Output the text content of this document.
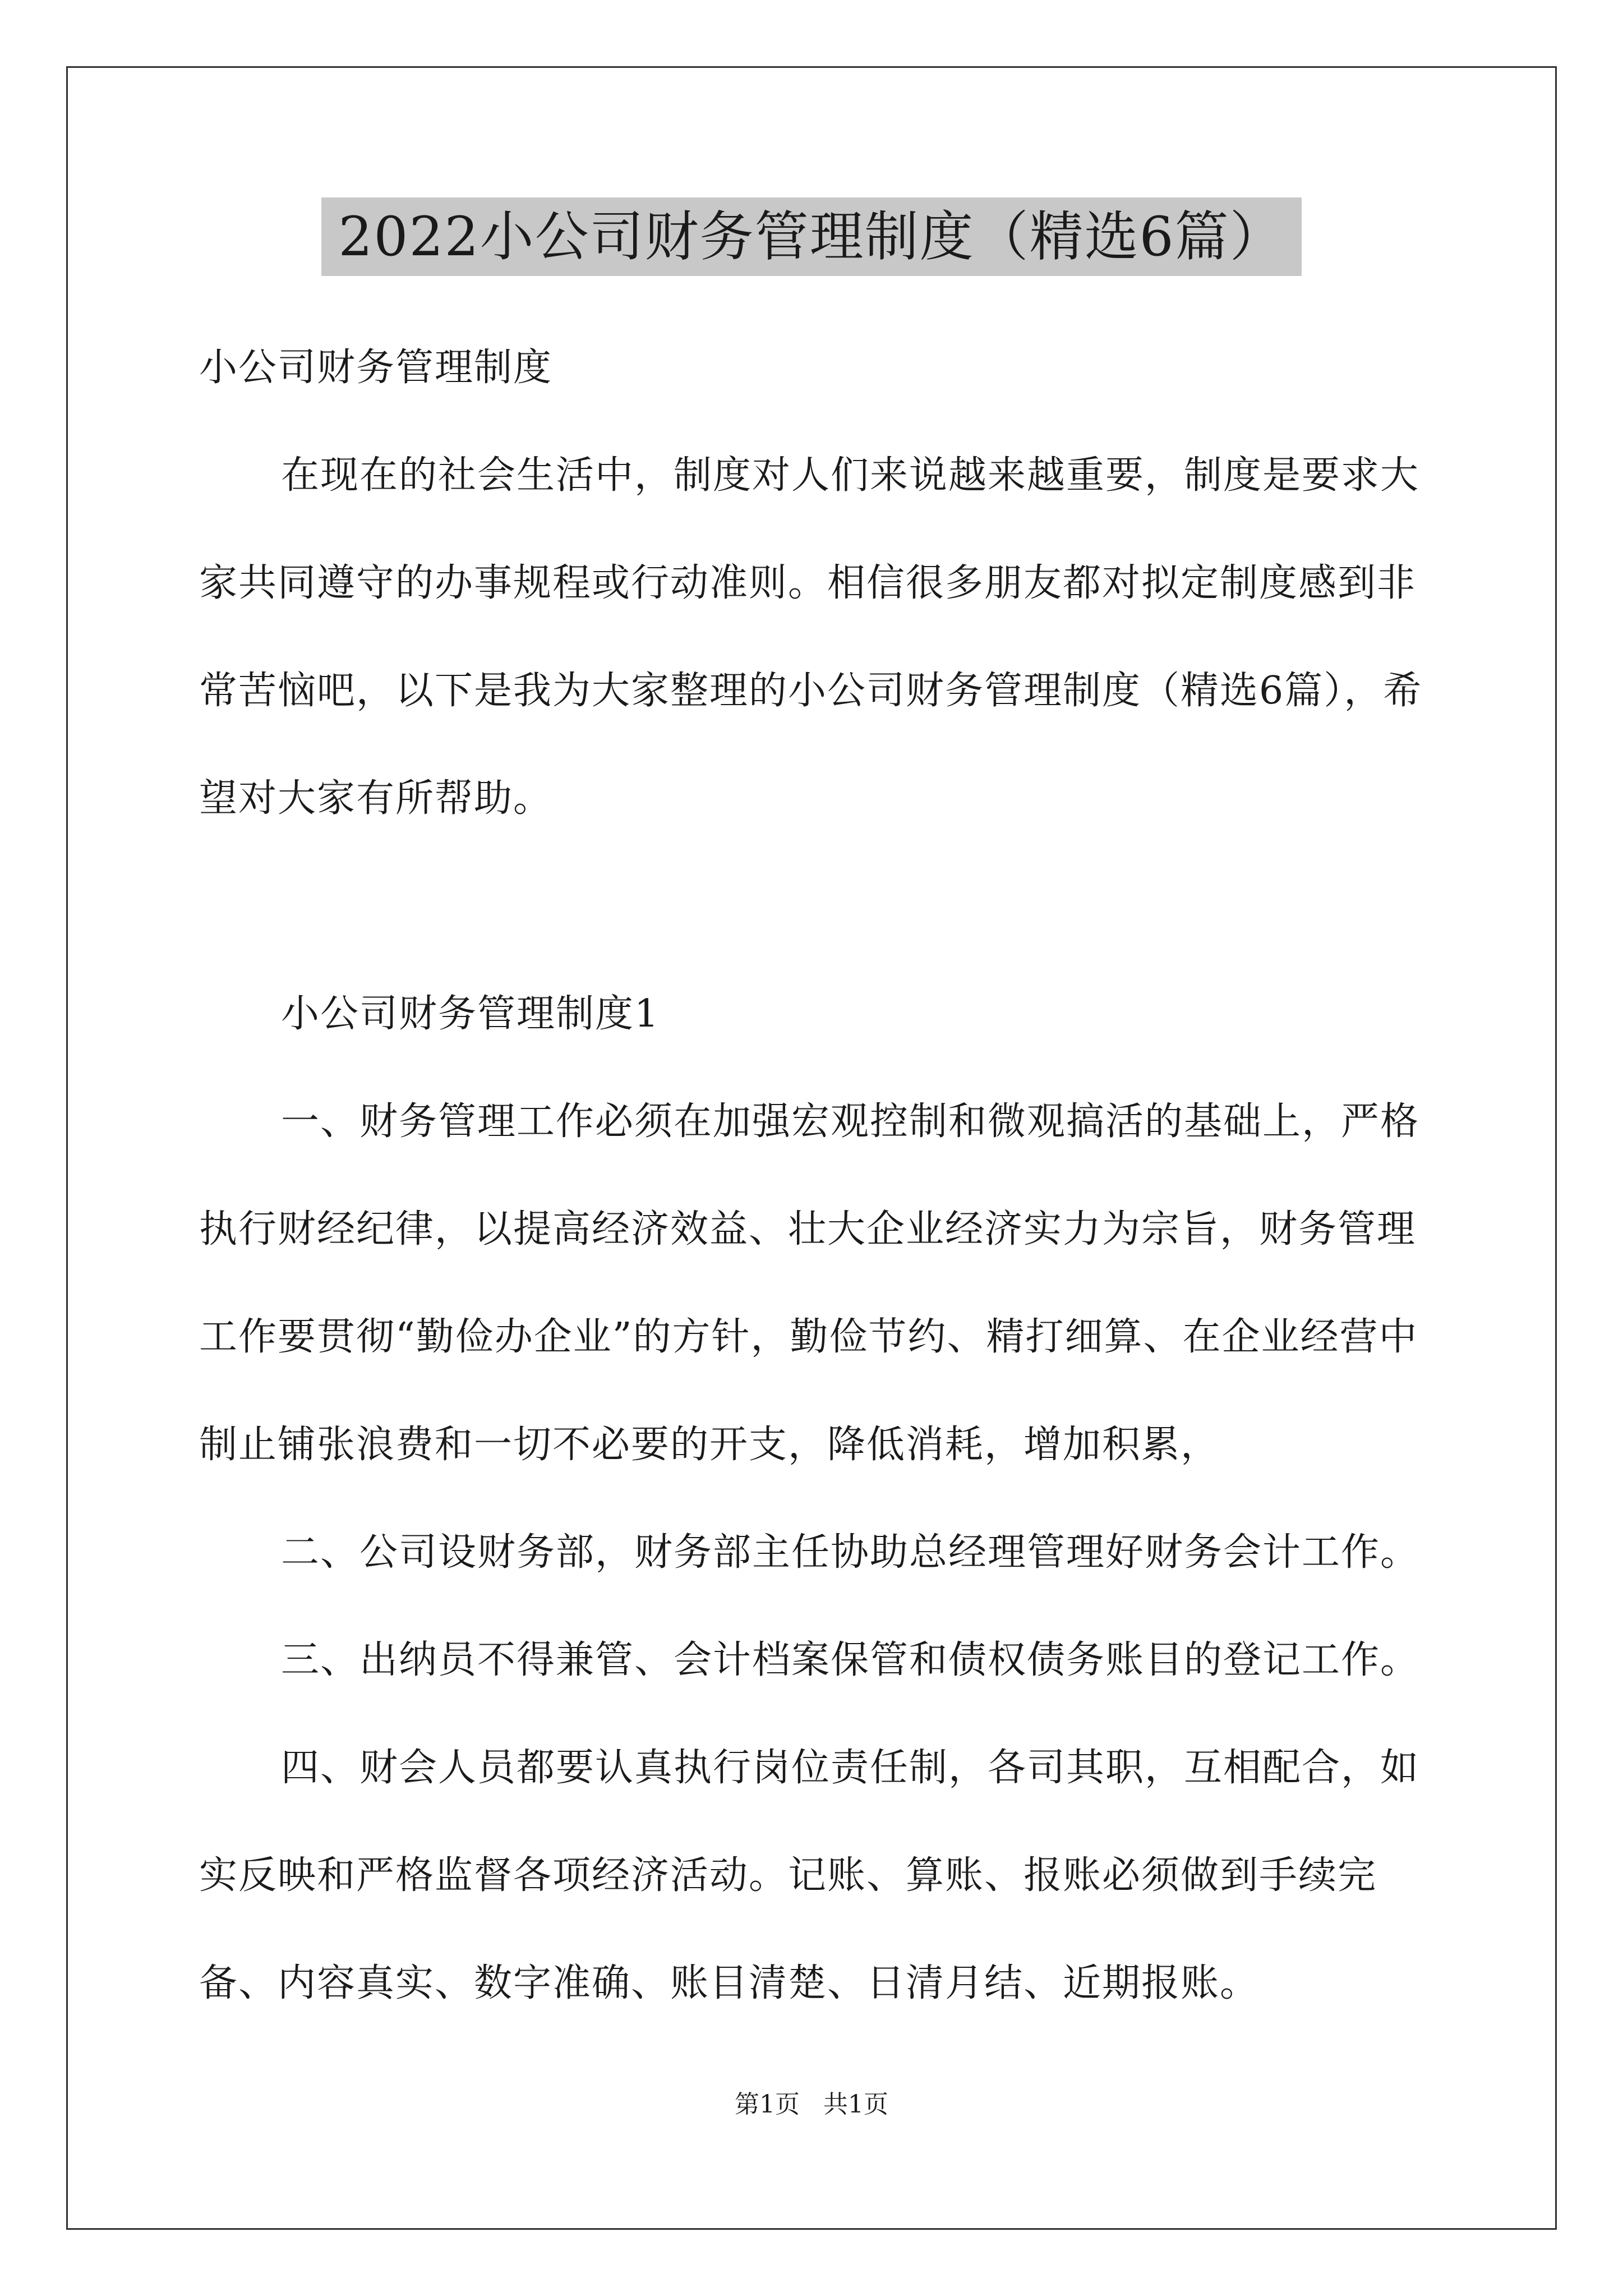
2022小公司财务管理制度（精选6篇）

小公司财务管理制度

在现在的社会生活中，制度对人们来说越来越重要，制度是要求大家共同遵守的办事规程或行动准则。相信很多朋友都对拟定制度感到非常苦恼吧，以下是我为大家整理的小公司财务管理制度（精选6篇），希望对大家有所帮助。

小公司财务管理制度1

一、财务管理工作必须在加强宏观控制和微观搞活的基础上，严格执行财经纪律，以提高经济效益、壮大企业经济实力为宗旨，财务管理工作要贯彻“勤俭办企业”的方针，勤俭节约、精打细算、在企业经营中制止铺张浪费和一切不必要的开支，降低消耗，增加积累，

二、公司设财务部，财务部主任协助总经理管理好财务会计工作。

三、出纳员不得兼管、会计档案保管和债权债务账目的登记工作。

四、财会人员都要认真执行岗位责任制，各司其职，互相配合，如实反映和严格监督各项经济活动。记账、算账、报账必须做到手续完备、内容真实、数字准确、账目清楚、日清月结、近期报账。

第1页   共1页
